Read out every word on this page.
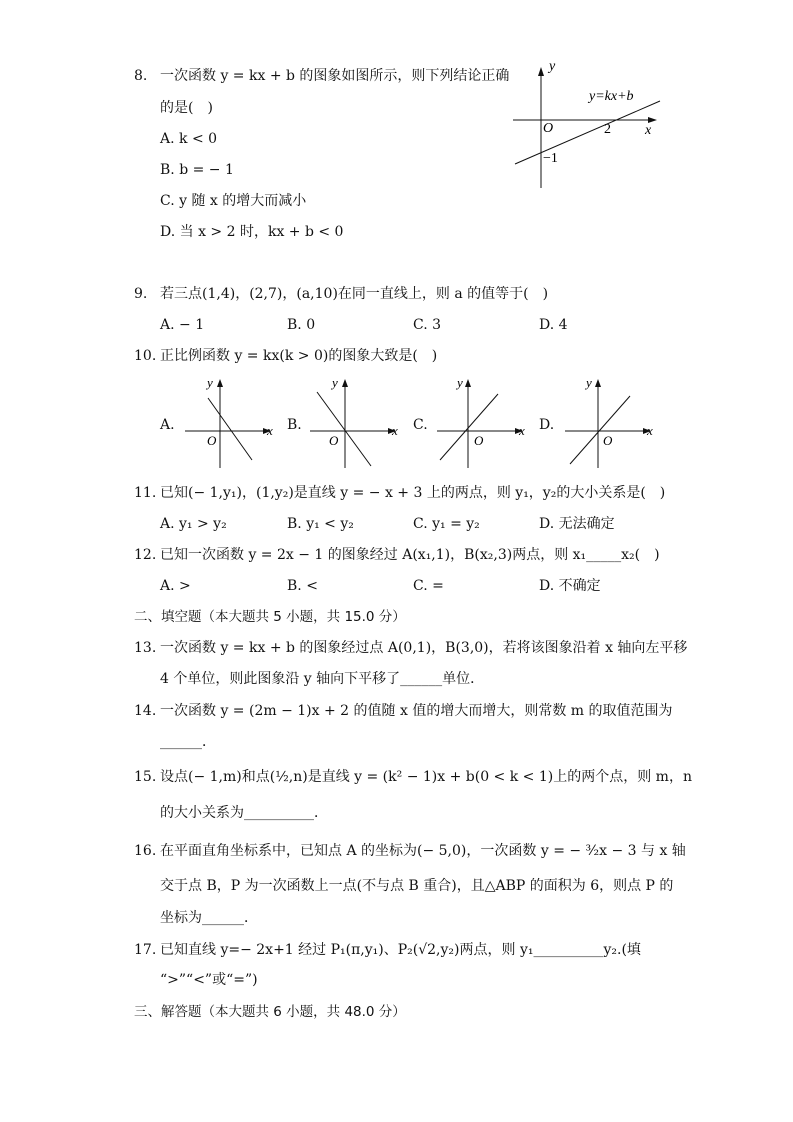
8. 一次函数 y = kx + b 的图象如图所示，则下列结论正确
的是(　)
A. k < 0
B. b = − 1
C. y 随 x 的增大而减小
D. 当 x > 2 时，kx + b < 0
y
x
O
y=kx+b
2
−1
9. 若三点(1,4)，(2,7)，(a,10)在同一直线上，则 a 的值等于(　)
A. − 1	B. 0	C. 3	D. 4
10. 正比例函数 y = kx(k > 0)的图象大致是(　)
A.
y
x
O
B.
y
x
O
C.
y
x
O
D.
y
x
O
11. 已知(− 1,y₁)，(1,y₂)是直线 y = − x + 3 上的两点，则 y₁，y₂的大小关系是(　)
A. y₁ > y₂	B. y₁ < y₂	C. y₁ = y₂	D. 无法确定
12. 已知一次函数 y = 2x − 1 的图象经过 A(x₁,1)，B(x₂,3)两点，则 x₁_____x₂(　)
A. >	B. <	C. =	D. 不确定
二、填空题（本大题共 5 小题，共 15.0 分）
13. 一次函数 y = kx + b 的图象经过点 A(0,1)，B(3,0)，若将该图象沿着 x 轴向左平移
4 个单位，则此图象沿 y 轴向下平移了______单位．
14. 一次函数 y = (2m − 1)x + 2 的值随 x 值的增大而增大，则常数 m 的取值范围为
______．
15. 设点(− 1,m)和点(½,n)是直线 y = (k² − 1)x + b(0 < k < 1)上的两个点，则 m，n
的大小关系为__________．
16. 在平面直角坐标系中，已知点 A 的坐标为(− 5,0)，一次函数 y = − ³⁄₂x − 3 与 x 轴
交于点 B，P 为一次函数上一点(不与点 B 重合)，且△ABP 的面积为 6，则点 P 的
坐标为______．
17. 已知直线 y=− 2x+1 经过 P₁(π,y₁)、P₂(√2,y₂)两点，则 y₁__________y₂.(填
“>”“<”或“=”)
三、解答题（本大题共 6 小题，共 48.0 分）
